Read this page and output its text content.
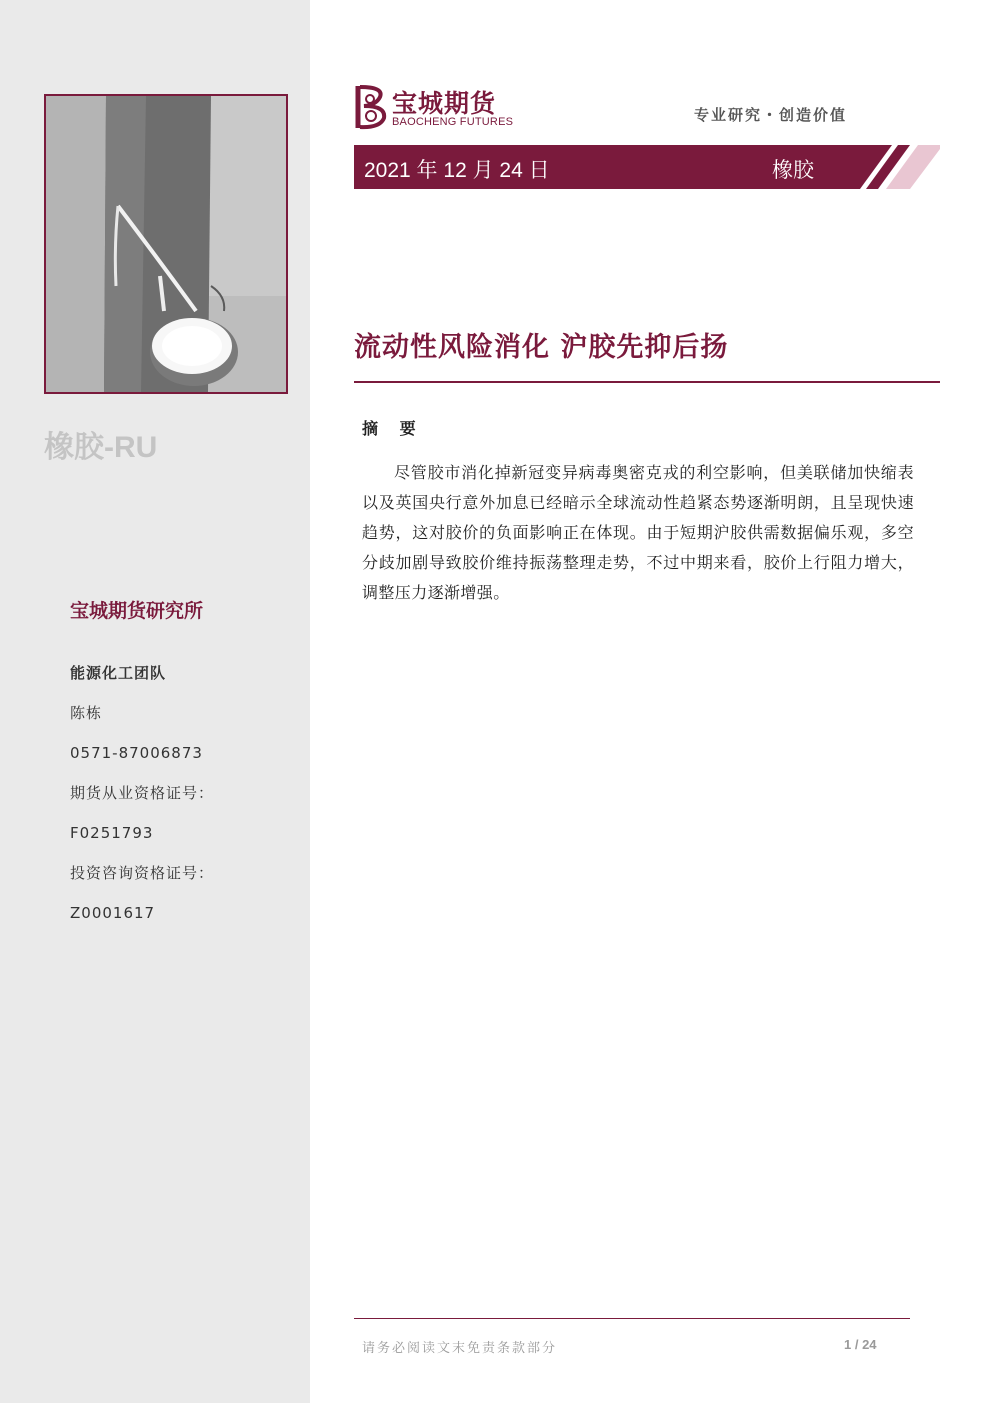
橡胶-RU
宝城期货研究所
能源化工团队
陈栋
0571-87006873
期货从业资格证号：
F0251793
投资咨询资格证号：
Z0001617
宝城期货
BAOCHENG FUTURES	专业研究・创造价值
2021 年 12 月 24 日	橡胶
流动性风险消化 沪胶先抑后扬
摘 要
尽管胶市消化掉新冠变异病毒奥密克戎的利空影响，但美联储加快缩表以及英国央行意外加息已经暗示全球流动性趋紧态势逐渐明朗，且呈现快速趋势，这对胶价的负面影响正在体现。由于短期沪胶供需数据偏乐观，多空分歧加剧导致胶价维持振荡整理走势，不过中期来看，胶价上行阻力增大，调整压力逐渐增强。
请务必阅读文末免责条款部分	1 / 24
